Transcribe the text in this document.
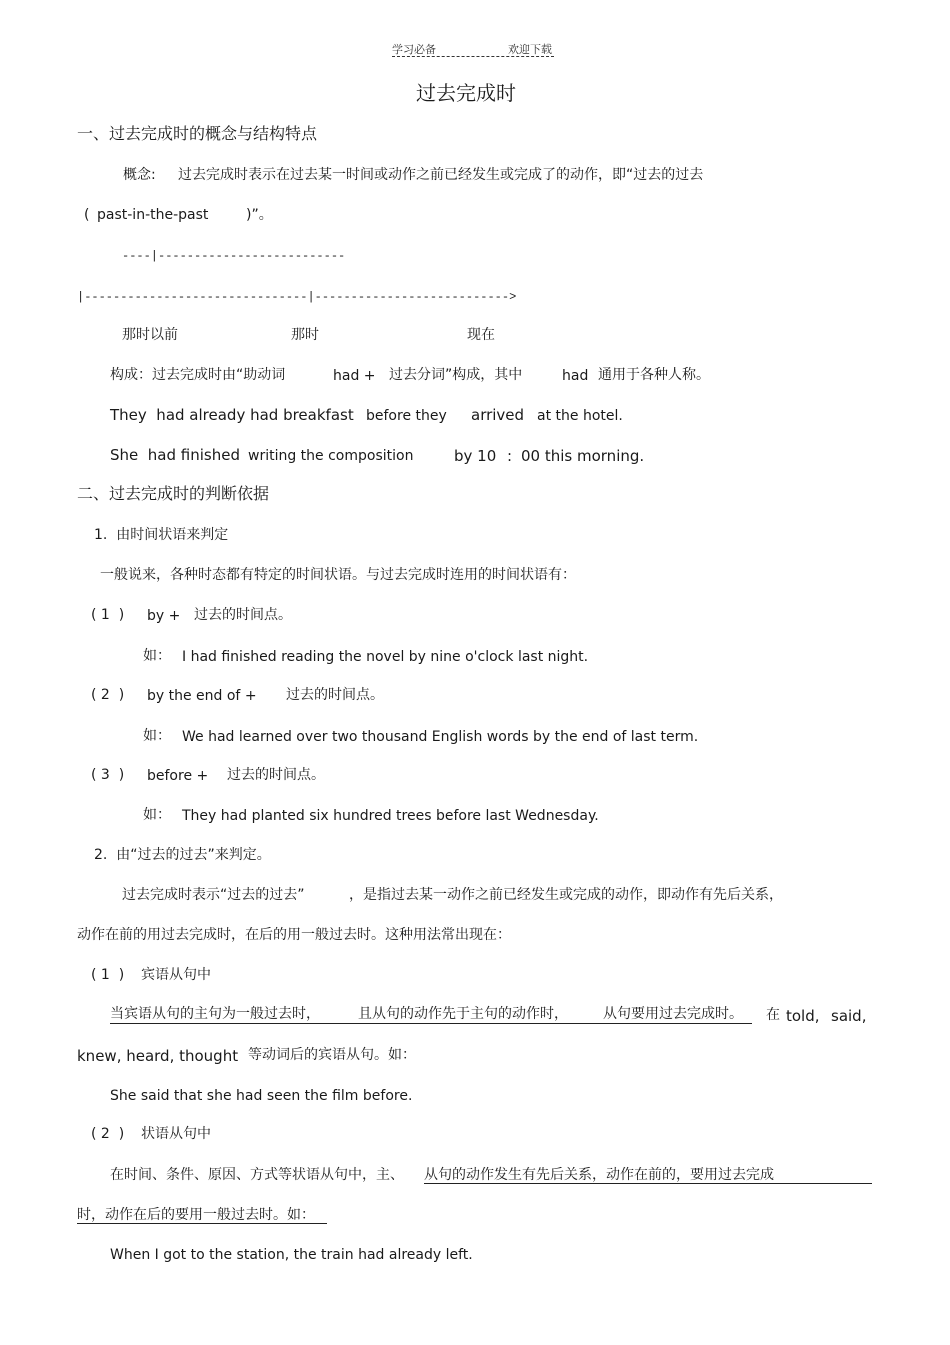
学习必备	欢迎下载
过去完成时
一、过去完成时的概念与结构特点
概念: 过去完成时表示在过去某一时间或动作之前已经发生或完成了的动作，即“过去的过去
( past-in-the-past	)”。
----|--------------------------
|-------------------------------|--------------------------->
那时以前	那时	现在
构成：过去完成时由“助动词	had + 过去分词”构成，其中	had 通用于各种人称。
They  had already had breakfast before they arrived at the hotel.
She  had finished writing the composition	by 10 : 00 this morning.
二、过去完成时的判断依据
1.  由时间状语来判定
一般说来，各种时态都有特定的时间状语。与过去完成时连用的时间状语有：
( 1  ) by + 过去的时间点。
如： I had finished reading the novel by nine o'clock last night.
( 2  ) by the end of + 过去的时间点。
如： We had learned over two thousand English words by the end of last term.
( 3  ) before + 过去的时间点。
如： They had planted six hundred trees before last Wednesday.
2.  由“过去的过去”来判定。
过去完成时表示“过去的过去”	，是指过去某一动作之前已经发生或完成的动作，即动作有先后关系，
动作在前的用过去完成时，在后的用一般过去时。这种用法常出现在：
( 1  ) 宾语从句中
当宾语从句的主句为一般过去时，	且从句的动作先于主句的动作时，	从句要用过去完成时。 在 told, said,
knew, heard, thought 等动词后的宾语从句。如：
She said that she had seen the film before.
( 2  ) 状语从句中
在时间、条件、原因、方式等状语从句中，主、 从句的动作发生有先后关系，动作在前的，要用过去完成
时，动作在后的要用一般过去时。如：
When I got to the station, the train had already left.
